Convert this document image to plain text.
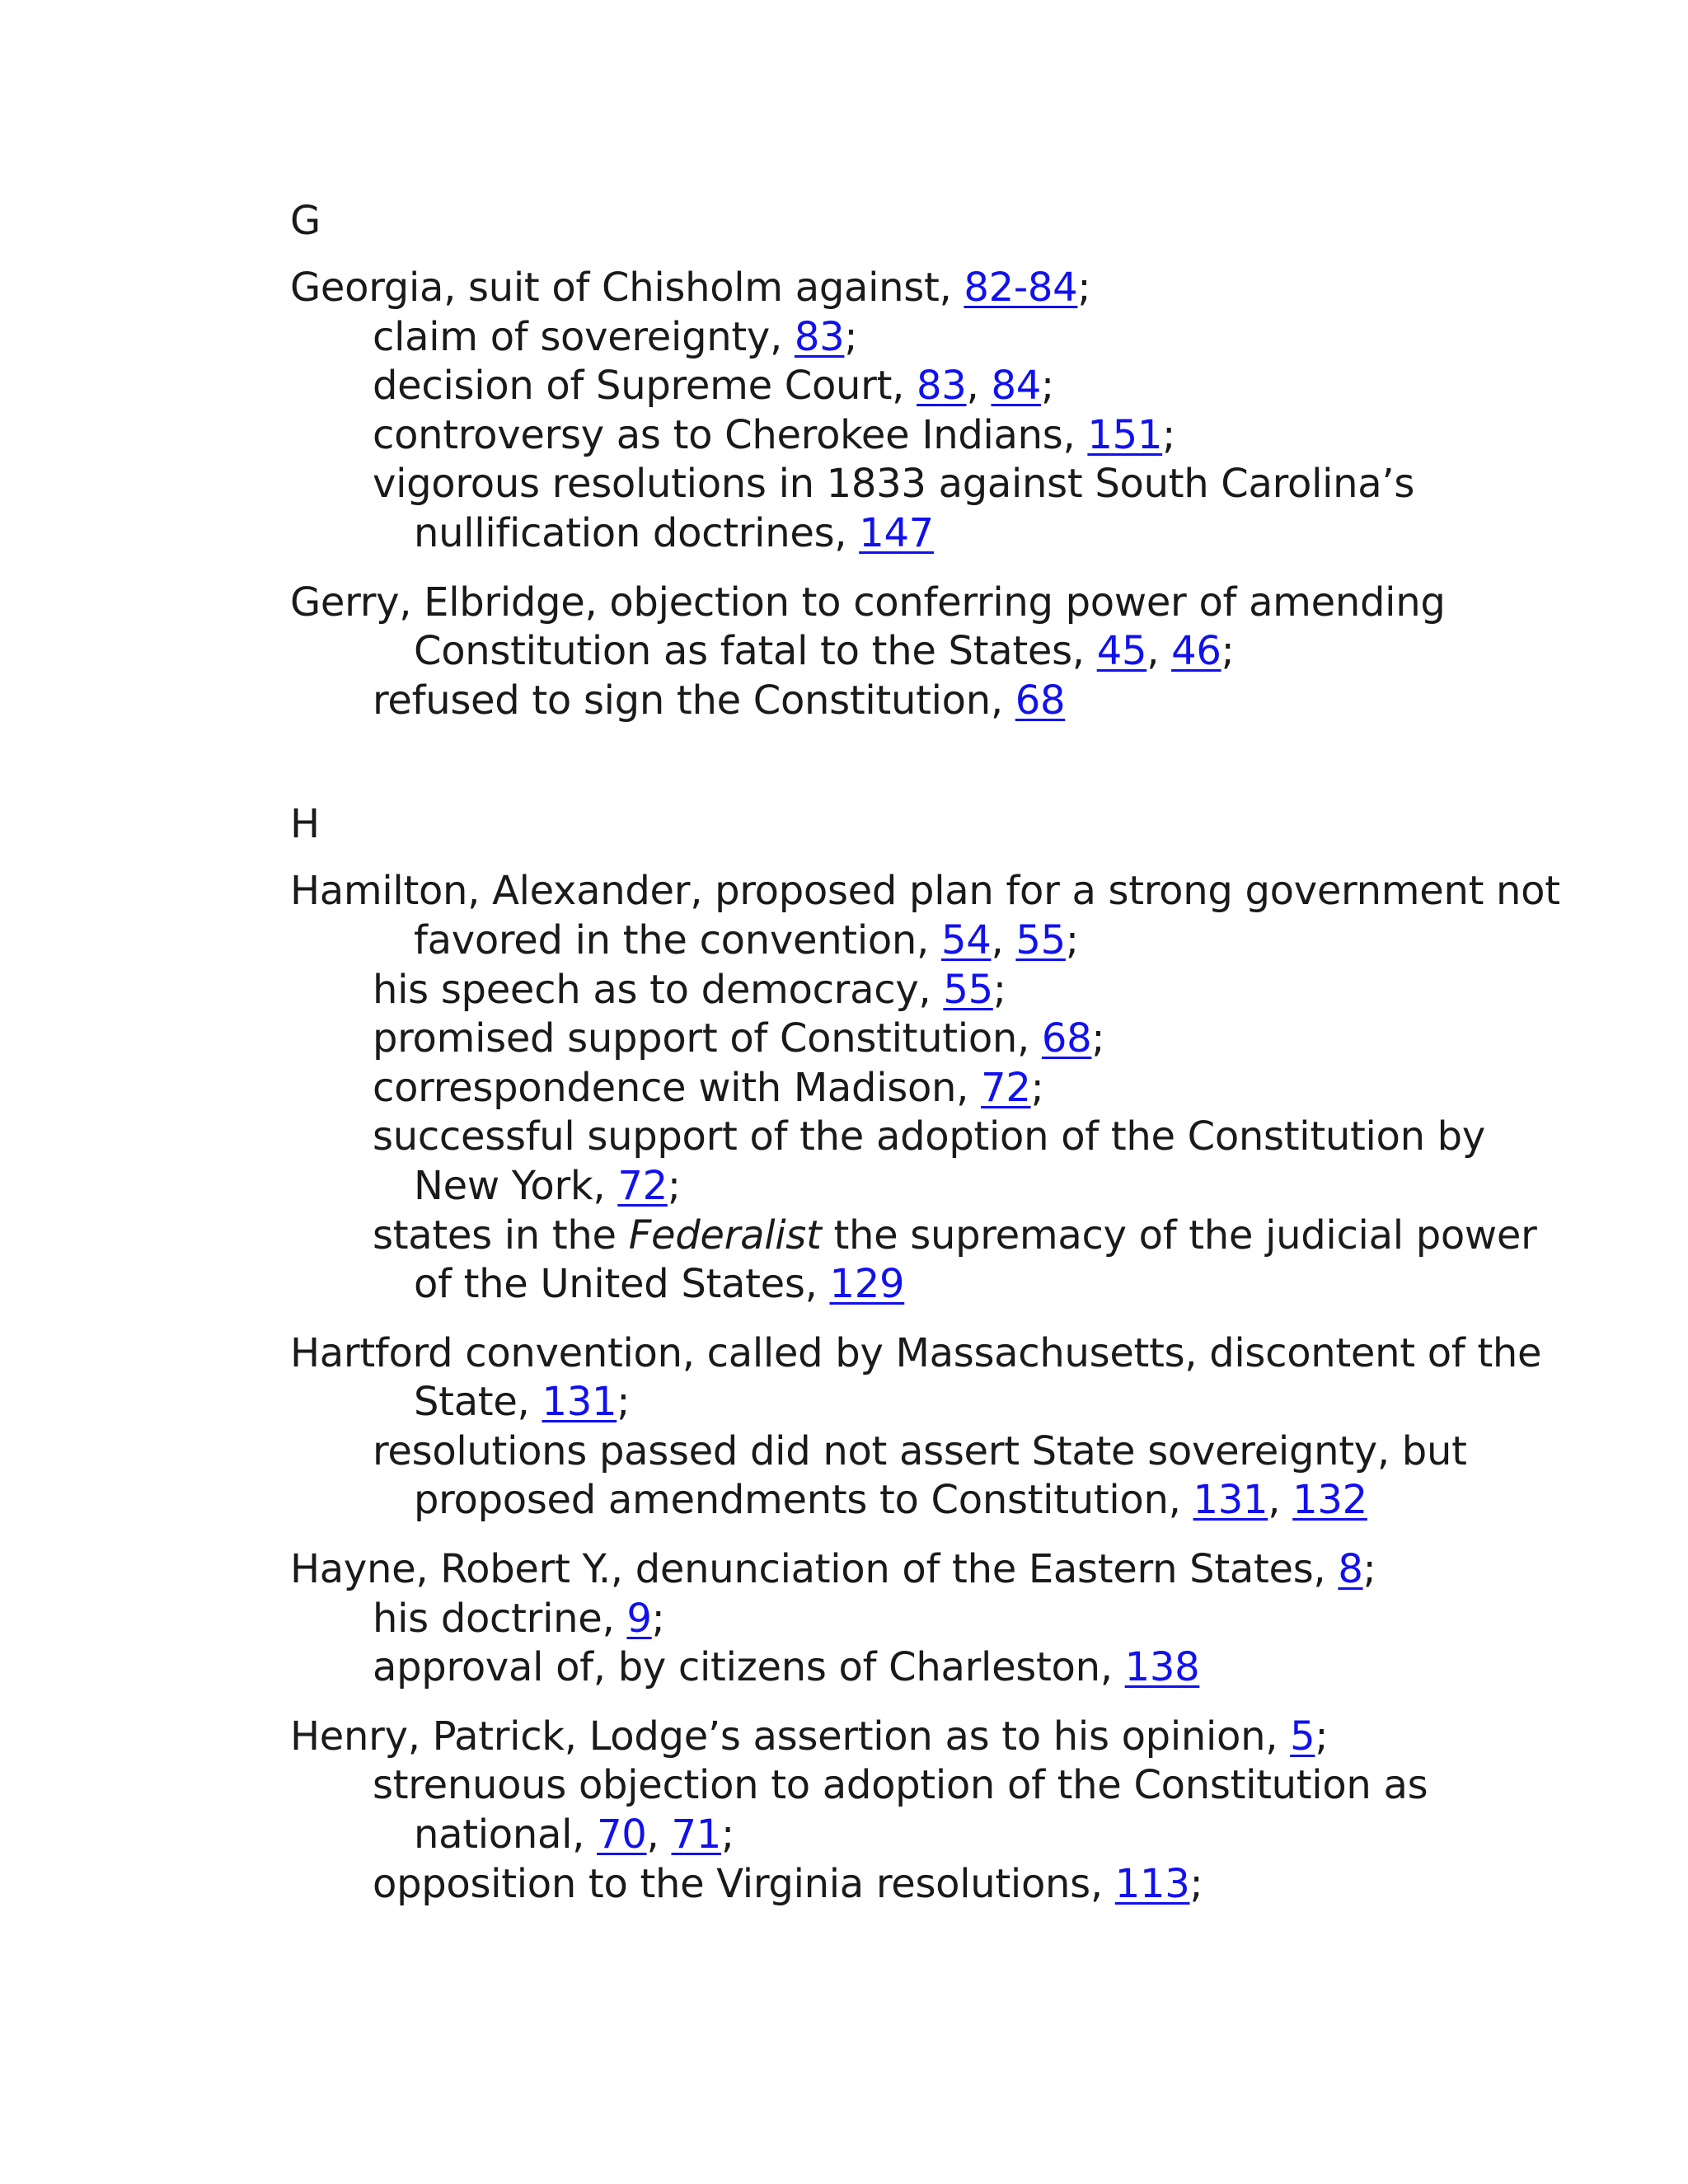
G
Georgia, suit of Chisholm against, 82-84;
claim of sovereignty, 83;
decision of Supreme Court, 83, 84;
controversy as to Cherokee Indians, 151;
vigorous resolutions in 1833 against South Carolina’s
nullification doctrines, 147
Gerry, Elbridge, objection to conferring power of amending
Constitution as fatal to the States, 45, 46;
refused to sign the Constitution, 68
H
Hamilton, Alexander, proposed plan for a strong government not
favored in the convention, 54, 55;
his speech as to democracy, 55;
promised support of Constitution, 68;
correspondence with Madison, 72;
successful support of the adoption of the Constitution by
New York, 72;
states in the Federalist the supremacy of the judicial power
of the United States, 129
Hartford convention, called by Massachusetts, discontent of the
State, 131;
resolutions passed did not assert State sovereignty, but
proposed amendments to Constitution, 131, 132
Hayne, Robert Y., denunciation of the Eastern States, 8;
his doctrine, 9;
approval of, by citizens of Charleston, 138
Henry, Patrick, Lodge’s assertion as to his opinion, 5;
strenuous objection to adoption of the Constitution as
national, 70, 71;
opposition to the Virginia resolutions, 113;
